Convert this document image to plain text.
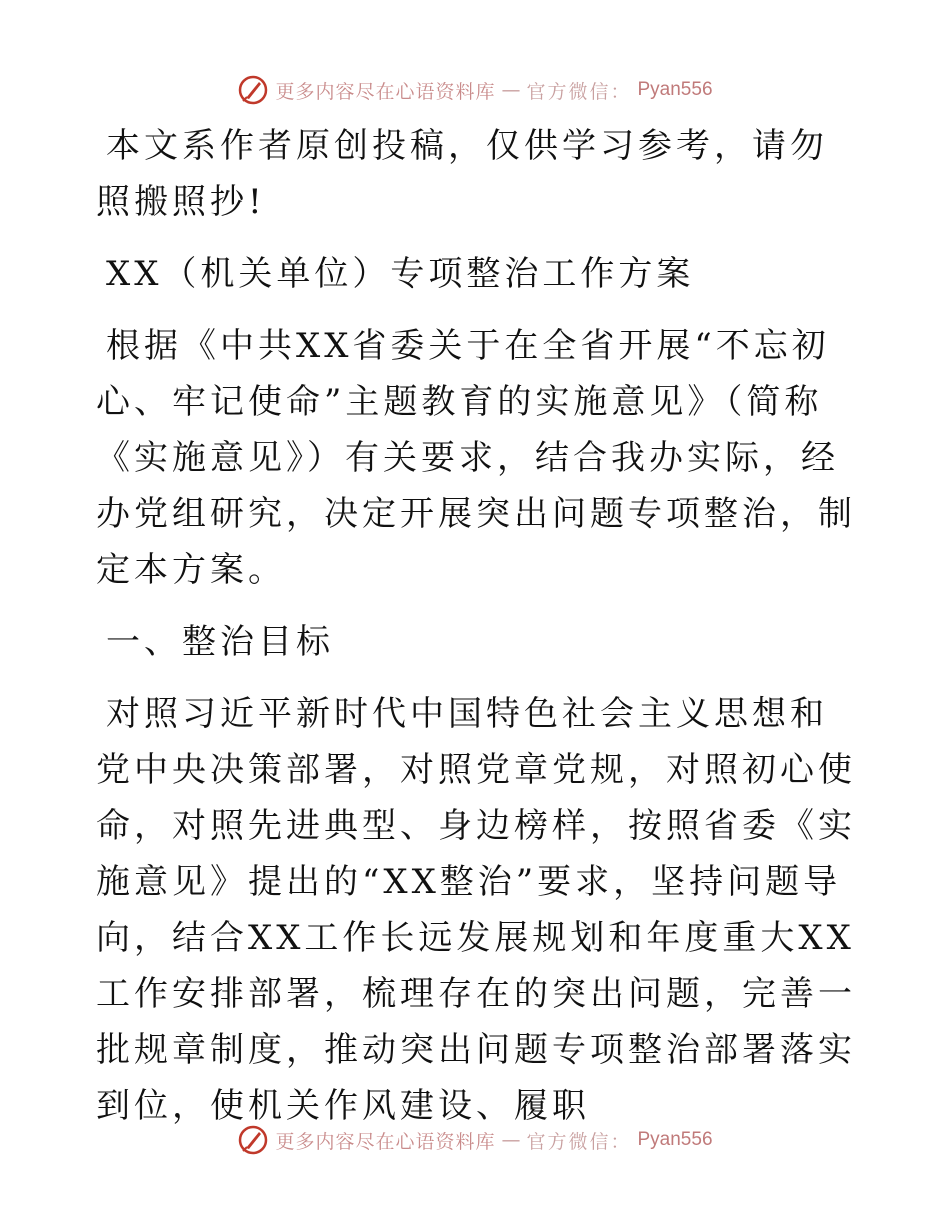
更多内容尽在心语资料库 — 官方微信： Pyan556

本文系作者原创投稿，仅供学习参考，请勿照搬照抄!

XX（机关单位）专项整治工作方案

根据《中共XX省委关于在全省开展“不忘初心、牢记使命”主题教育的实施意见》（简称《实施意见》）有关要求，结合我办实际，经办党组研究，决定开展突出问题专项整治，制定本方案。

一、整治目标

对照习近平新时代中国特色社会主义思想和党中央决策部署，对照党章党规，对照初心使命，对照先进典型、身边榜样，按照省委《实施意见》提出的“XX整治”要求，坚持问题导向，结合XX工作长远发展规划和年度重大XX工作安排部署，梳理存在的突出问题，完善一批规章制度，推动突出问题专项整治部署落实到位，使机关作风建设、履职

更多内容尽在心语资料库 — 官方微信： Pyan556
